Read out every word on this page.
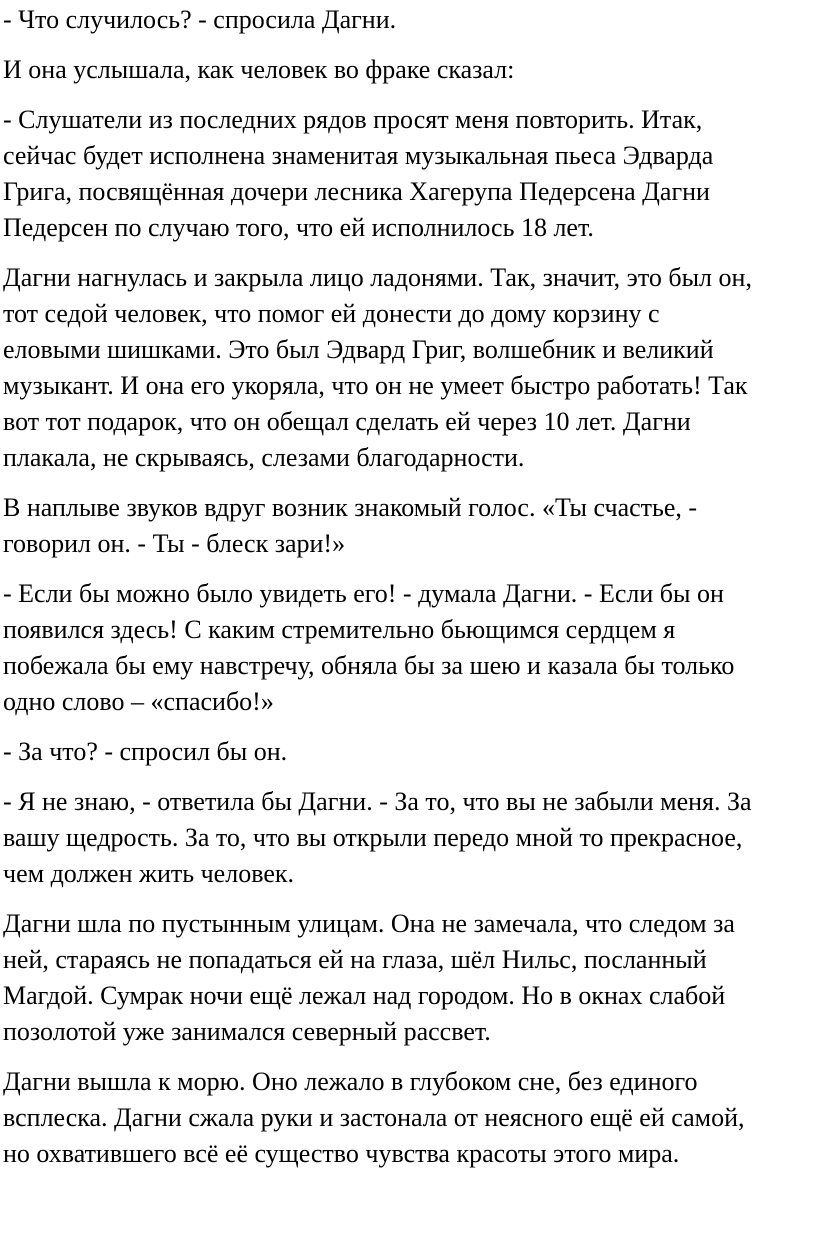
- Что случилось? - спросила Дагни.

И она услышала, как человек во фраке сказал:

- Слушатели из последних рядов просят меня повторить. Итак,
сейчас будет исполнена знаменитая музыкальная пьеса Эдварда
Грига, посвящённая дочери лесника Хагерупа Педерсена Дагни
Педерсен по случаю того, что ей исполнилось 18 лет.

Дагни нагнулась и закрыла лицо ладонями. Так, значит, это был он,
тот седой человек, что помог ей донести до дому корзину с
еловыми шишками. Это был Эдвард Григ, волшебник и великий
музыкант. И она его укоряла, что он не умеет быстро работать! Так
вот тот подарок, что он обещал сделать ей через 10 лет. Дагни
плакала, не скрываясь, слезами благодарности.

В наплыве звуков вдруг возник знакомый голос. «Ты счастье, -
говорил он. - Ты - блеск зари!»

- Если бы можно было увидеть его! - думала Дагни. - Если бы он
появился здесь! С каким стремительно бьющимся сердцем я
побежала бы ему навстречу, обняла бы за шею и казала бы только
одно слово – «спасибо!»

- За что? - спросил бы он.

- Я не знаю, - ответила бы Дагни. - За то, что вы не забыли меня. За
вашу щедрость. За то, что вы открыли передо мной то прекрасное,
чем должен жить человек.

Дагни шла по пустынным улицам. Она не замечала, что следом за
ней, стараясь не попадаться ей на глаза, шёл Нильс, посланный
Магдой. Сумрак ночи ещё лежал над городом. Но в окнах слабой
позолотой уже занимался северный рассвет.

Дагни вышла к морю. Оно лежало в глубоком сне, без единого
всплеска. Дагни сжала руки и застонала от неясного ещё ей самой,
но охватившего всё её существо чувства красоты этого мира.
